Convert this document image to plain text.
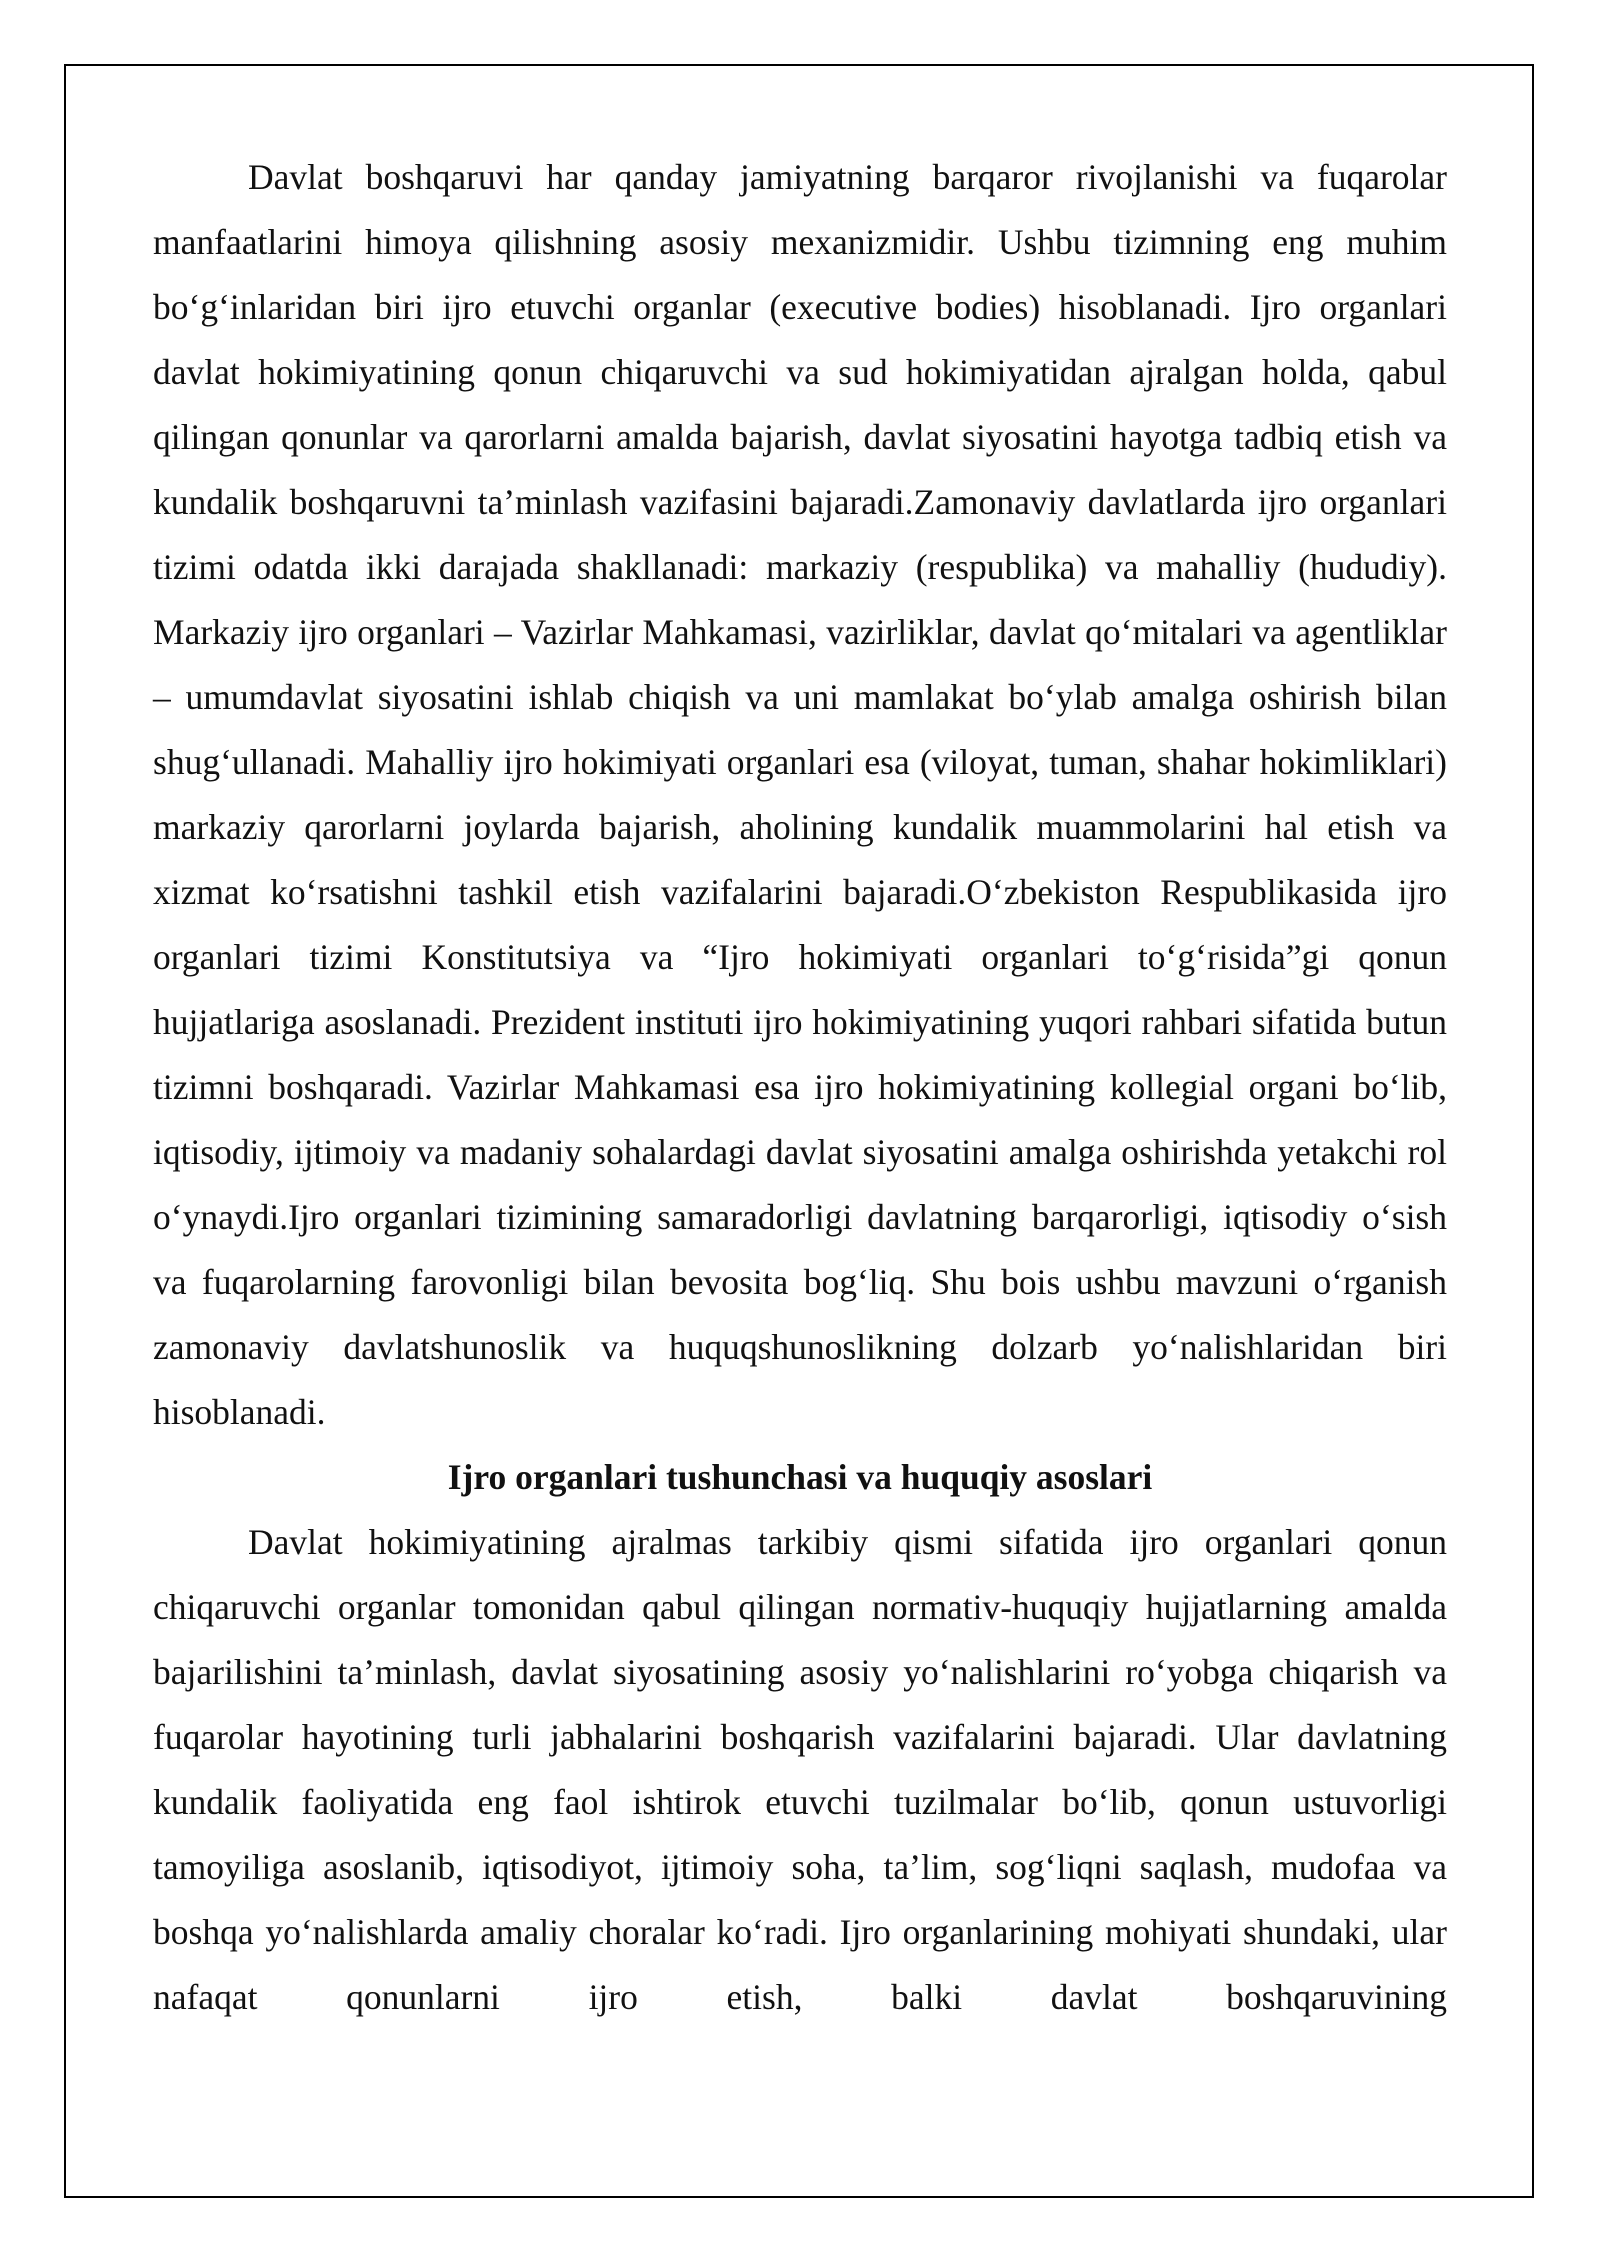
Davlat boshqaruvi har qanday jamiyatning barqaror rivojlanishi va fuqarolar manfaatlarini himoya qilishning asosiy mexanizmidir. Ushbu tizimning eng muhim bo‘g‘inlaridan biri ijro etuvchi organlar (executive bodies) hisoblanadi. Ijro organlari davlat hokimiyatining qonun chiqaruvchi va sud hokimiyatidan ajralgan holda, qabul qilingan qonunlar va qarorlarni amalda bajarish, davlat siyosatini hayotga tadbiq etish va kundalik boshqaruvni ta’minlash vazifasini bajaradi.Zamonaviy davlatlarda ijro organlari tizimi odatda ikki darajada shakllanadi: markaziy (respublika) va mahalliy (hududiy). Markaziy ijro organlari – Vazirlar Mahkamasi, vazirliklar, davlat qo‘mitalari va agentliklar – umumdavlat siyosatini ishlab chiqish va uni mamlakat bo‘ylab amalga oshirish bilan shug‘ullanadi. Mahalliy ijro hokimiyati organlari esa (viloyat, tuman, shahar hokimliklari) markaziy qarorlarni joylarda bajarish, aholining kundalik muammolarini hal etish va xizmat ko‘rsatishni tashkil etish vazifalarini bajaradi.O‘zbekiston Respublikasida ijro organlari tizimi Konstitutsiya va “Ijro hokimiyati organlari to‘g‘risida”gi qonun hujjatlariga asoslanadi. Prezident instituti ijro hokimiyatining yuqori rahbari sifatida butun tizimni boshqaradi. Vazirlar Mahkamasi esa ijro hokimiyatining kollegial organi bo‘lib, iqtisodiy, ijtimoiy va madaniy sohalardagi davlat siyosatini amalga oshirishda yetakchi rol o‘ynaydi.Ijro organlari tizimining samaradorligi davlatning barqarorligi, iqtisodiy o‘sish va fuqarolarning farovonligi bilan bevosita bog‘liq. Shu bois ushbu mavzuni o‘rganish zamonaviy davlatshunoslik va huquqshunoslikning dolzarb yo‘nalishlaridan biri hisoblanadi.

Ijro organlari tushunchasi va huquqiy asoslari

Davlat hokimiyatining ajralmas tarkibiy qismi sifatida ijro organlari qonun chiqaruvchi organlar tomonidan qabul qilingan normativ-huquqiy hujjatlarning amalda bajarilishini ta’minlash, davlat siyosatining asosiy yo‘nalishlarini ro‘yobga chiqarish va fuqarolar hayotining turli jabhalarini boshqarish vazifalarini bajaradi. Ular davlatning kundalik faoliyatida eng faol ishtirok etuvchi tuzilmalar bo‘lib, qonun ustuvorligi tamoyiliga asoslanib, iqtisodiyot, ijtimoiy soha, ta’lim, sog‘liqni saqlash, mudofaa va boshqa yo‘nalishlarda amaliy choralar ko‘radi. Ijro organlarining mohiyati shundaki, ular nafaqat qonunlarni ijro etish, balki davlat boshqaruvining
